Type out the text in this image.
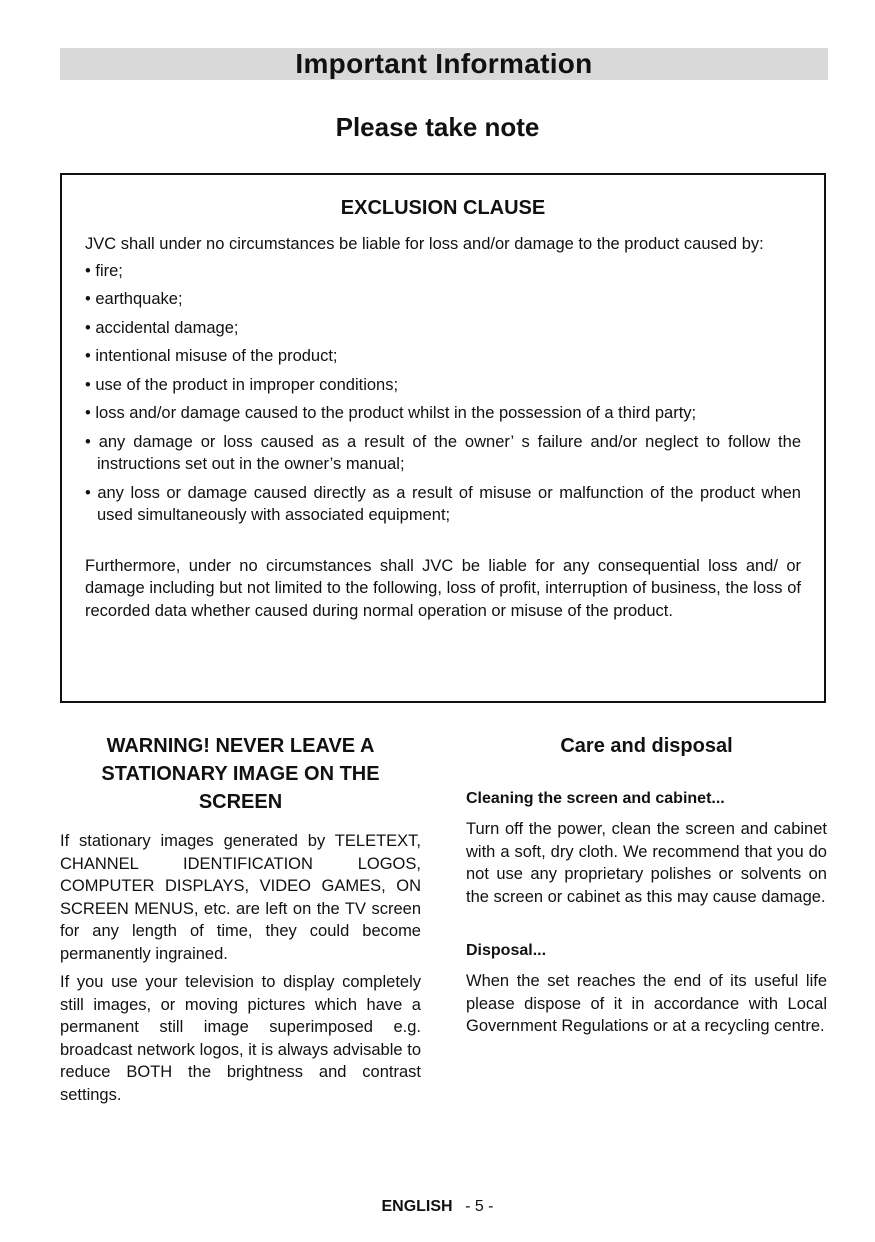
Important Information
Please take note
EXCLUSION CLAUSE

JVC shall under no circumstances be liable for loss and/or damage to the product caused by:

• fire;
• earthquake;
• accidental damage;
• intentional misuse of the product;
• use of the product in improper conditions;
• loss and/or damage caused to the product whilst in the possession of a third party;
• any damage or loss caused as a result of the owner’ s failure and/or neglect to follow the instructions set out in the owner’s manual;
• any loss or damage caused directly as a result of misuse or malfunction of the product when used simultaneously with associated equipment;

Furthermore, under no circumstances shall JVC be liable for any consequential loss and/ or damage including but not limited to the following, loss of profit, interruption of business, the loss of recorded data whether caused during normal operation or misuse of the product.

WARNING! NEVER LEAVE A STATIONARY IMAGE ON THE SCREEN

If stationary images generated by TELETEXT, CHANNEL IDENTIFICATION LOGOS, COMPUTER DISPLAYS, VIDEO GAMES, ON SCREEN MENUS, etc. are left on the TV screen for any length of time, they could become permanently ingrained.

If you use your television to display completely still images, or moving pictures which have a permanent still image superimposed e.g. broadcast network logos, it is always advisable to reduce BOTH the brightness and contrast settings.

Care and disposal
Cleaning the screen and cabinet...

Turn off the power, clean the screen and cabinet with a soft, dry cloth. We recommend that you do not use any proprietary polishes or solvents on the screen or cabinet as this may cause damage.

Disposal...

When the set reaches the end of its useful life please dispose of it in accordance with Local Government Regulations or at a recycling centre.

ENGLISH - 5 -
